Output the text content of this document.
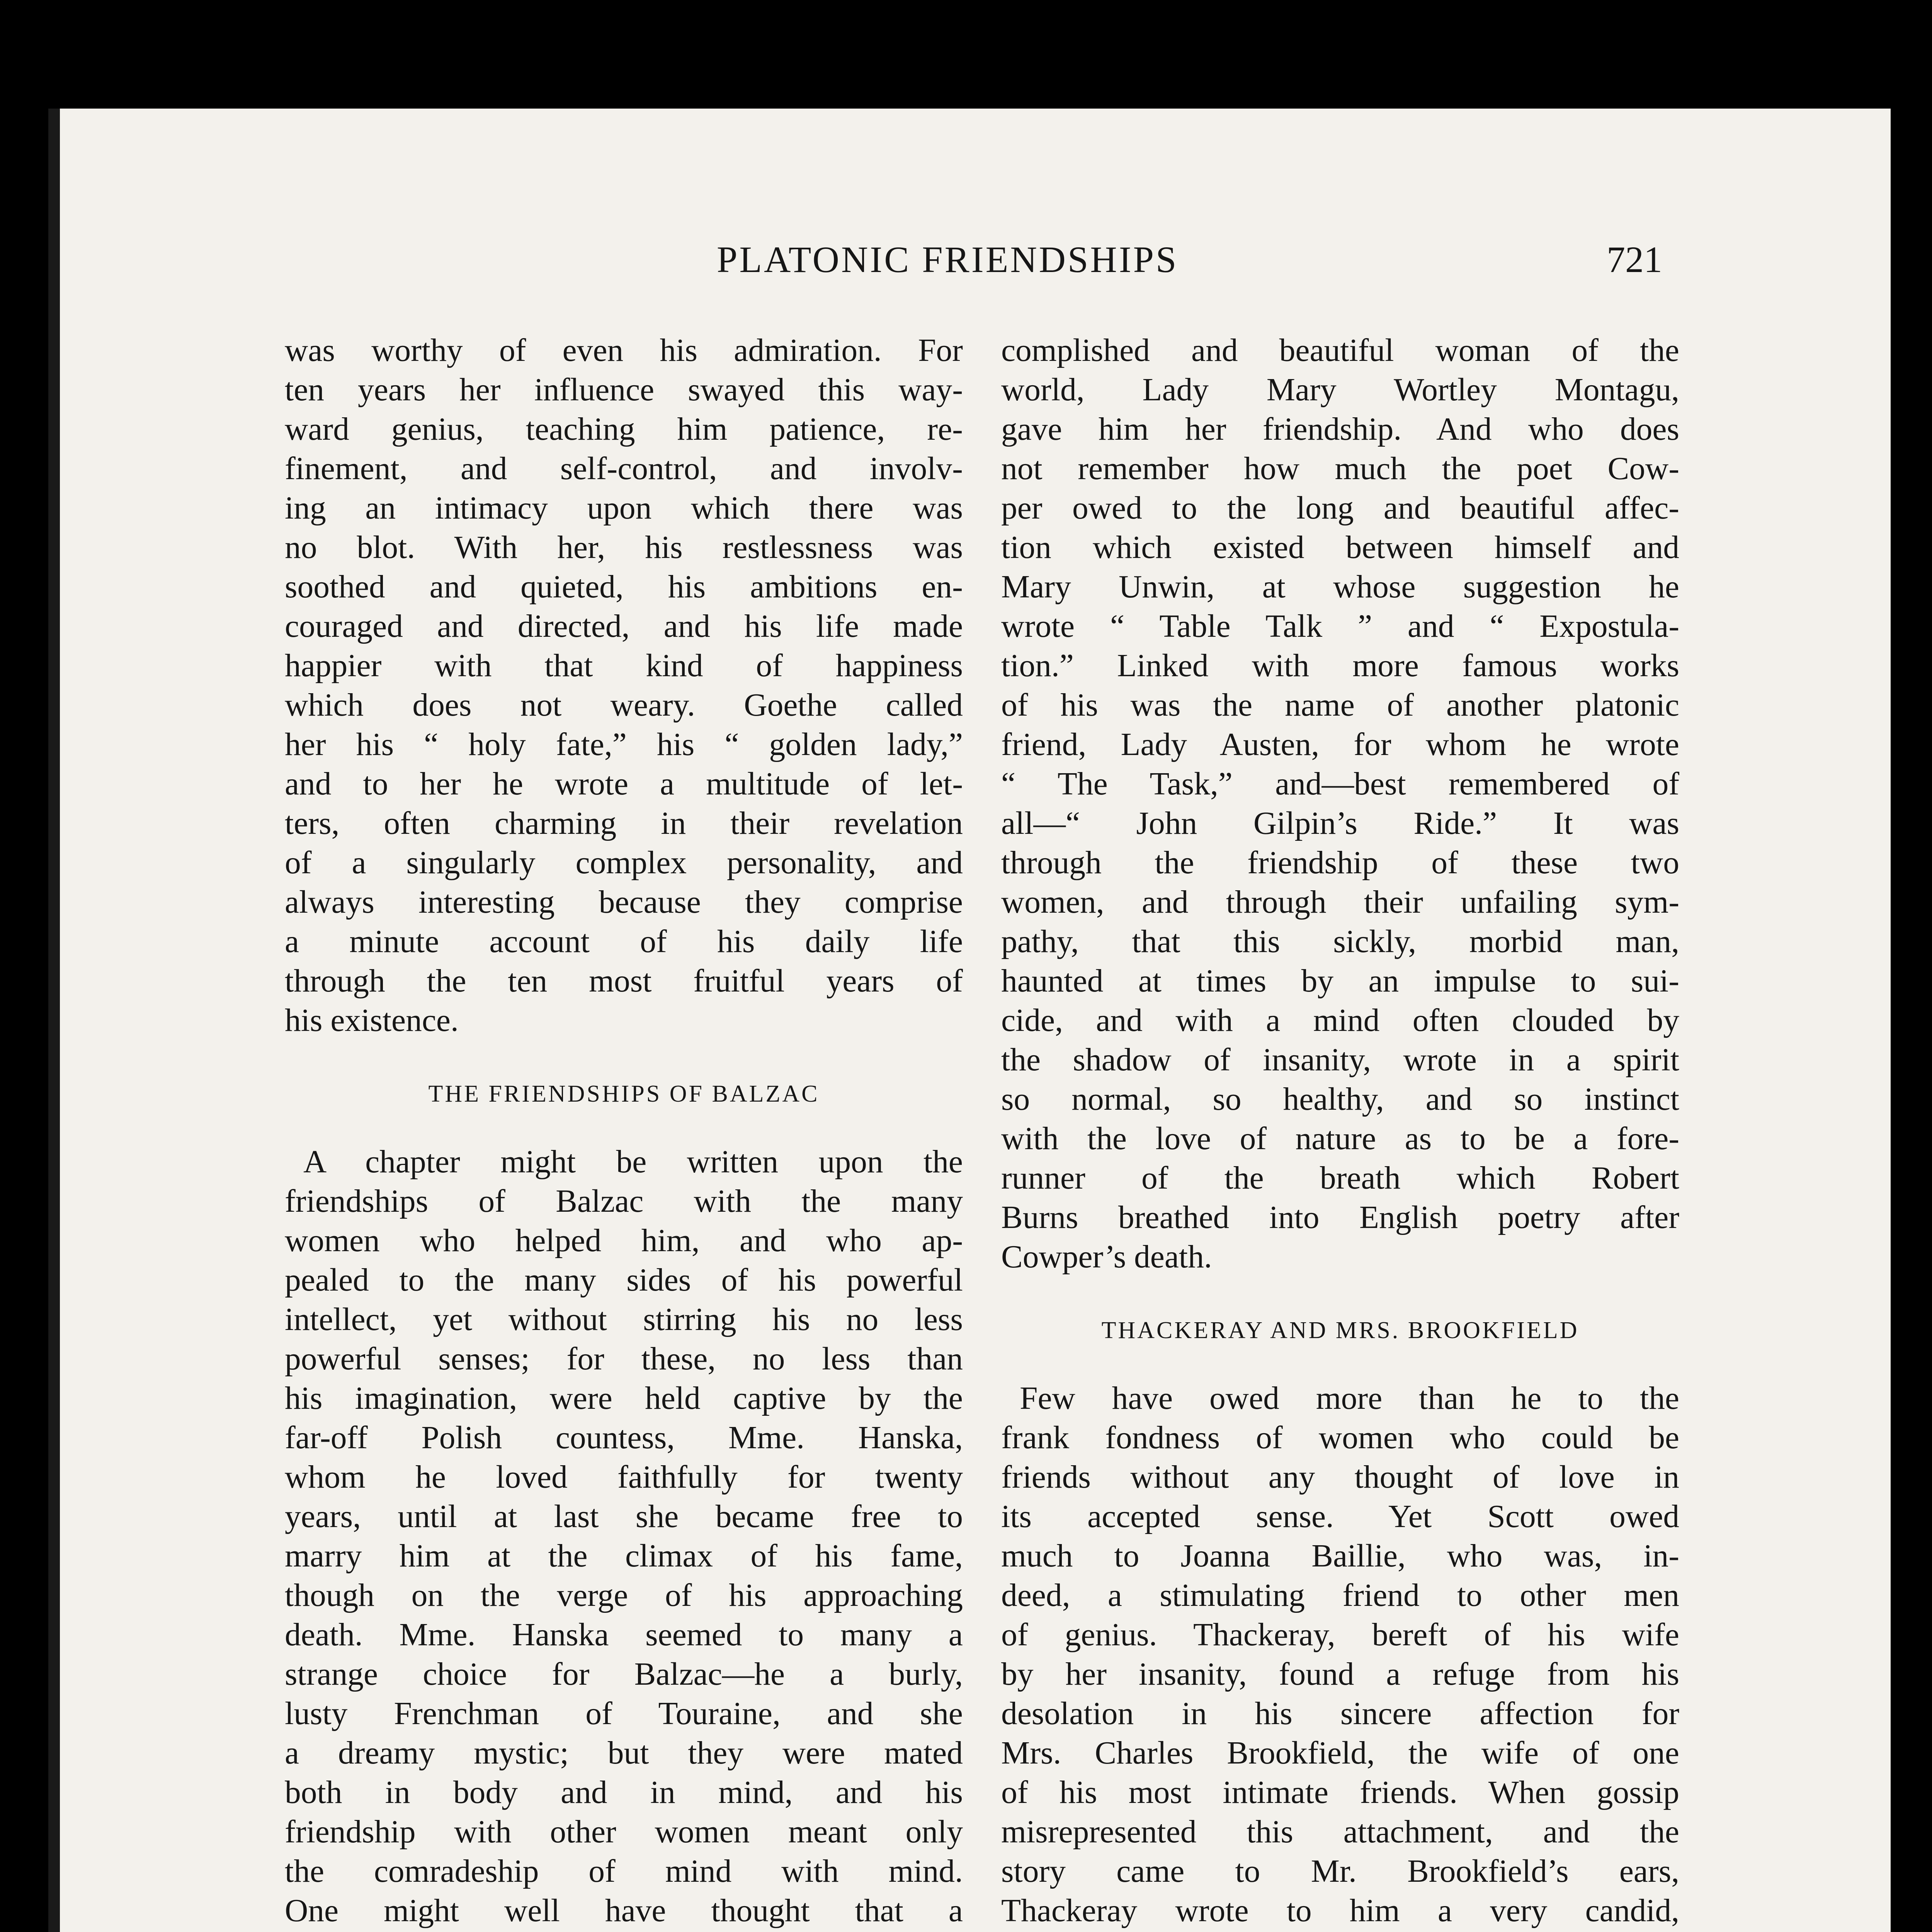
PLATONIC FRIENDSHIPS	721
was worthy of even his admiration. For
ten years her influence swayed this way-
ward genius, teaching him patience, re-
finement, and self-control, and involv-
ing an intimacy upon which there was
no blot. With her, his restlessness was
soothed and quieted, his ambitions en-
couraged and directed, and his life made
happier with that kind of happiness
which does not weary. Goethe called
her his “ holy fate,” his “ golden lady,”
and to her he wrote a multitude of let-
ters, often charming in their revelation
of a singularly complex personality, and
always interesting because they comprise
a minute account of his daily life
through the ten most fruitful years of
his existence.
THE FRIENDSHIPS OF BALZAC
A chapter might be written upon the
friendships of Balzac with the many
women who helped him, and who ap-
pealed to the many sides of his powerful
intellect, yet without stirring his no less
powerful senses; for these, no less than
his imagination, were held captive by the
far-off Polish countess, Mme. Hanska,
whom he loved faithfully for twenty
years, until at last she became free to
marry him at the climax of his fame,
though on the verge of his approaching
death. Mme. Hanska seemed to many a
strange choice for Balzac—he a burly,
lusty Frenchman of Touraine, and she
a dreamy mystic; but they were mated
both in body and in mind, and his
friendship with other women meant only
the comradeship of mind with mind.
One might well have thought that a
complished and beautiful woman of the
world, Lady Mary Wortley Montagu,
gave him her friendship. And who does
not remember how much the poet Cow-
per owed to the long and beautiful affec-
tion which existed between himself and
Mary Unwin, at whose suggestion he
wrote “ Table Talk ” and “ Expostula-
tion.” Linked with more famous works
of his was the name of another platonic
friend, Lady Austen, for whom he wrote
“ The Task,” and—best remembered of
all—“ John Gilpin’s Ride.” It was
through the friendship of these two
women, and through their unfailing sym-
pathy, that this sickly, morbid man,
haunted at times by an impulse to sui-
cide, and with a mind often clouded by
the shadow of insanity, wrote in a spirit
so normal, so healthy, and so instinct
with the love of nature as to be a fore-
runner of the breath which Robert
Burns breathed into English poetry after
Cowper’s death.
THACKERAY AND MRS. BROOKFIELD
Few have owed more than he to the
frank fondness of women who could be
friends without any thought of love in
its accepted sense. Yet Scott owed
much to Joanna Baillie, who was, in-
deed, a stimulating friend to other men
of genius. Thackeray, bereft of his wife
by her insanity, found a refuge from his
desolation in his sincere affection for
Mrs. Charles Brookfield, the wife of one
of his most intimate friends. When gossip
misrepresented this attachment, and the
story came to Mr. Brookfield’s ears,
Thackeray wrote to him a very candid,
